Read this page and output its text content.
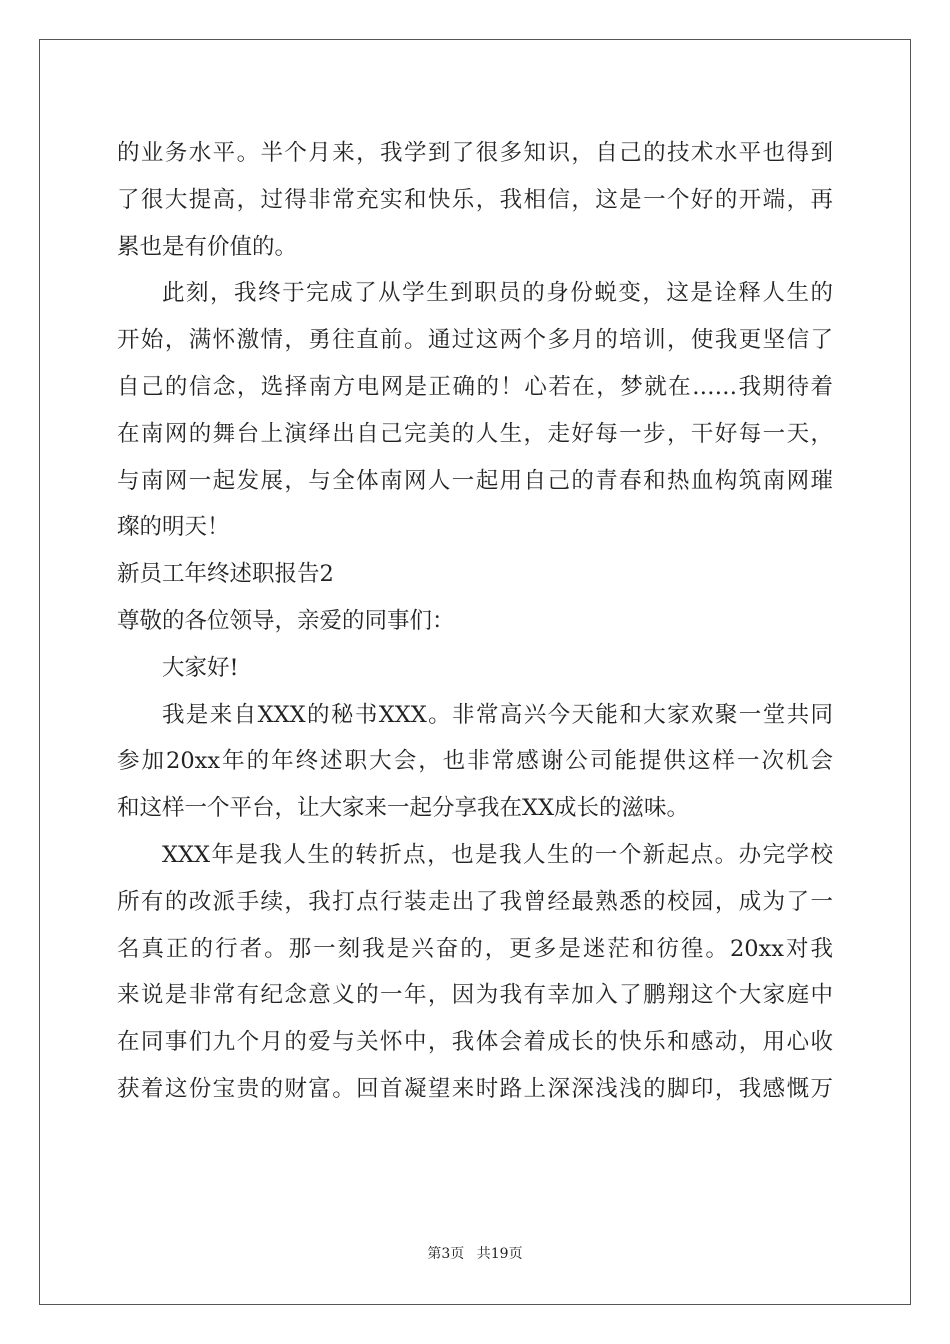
的业务水平。半个月来，我学到了很多知识，自己的技术水平也得到
了很大提高，过得非常充实和快乐，我相信，这是一个好的开端，再
累也是有价值的。
此刻，我终于完成了从学生到职员的身份蜕变，这是诠释人生的
开始，满怀激情，勇往直前。通过这两个多月的培训，使我更坚信了
自己的信念，选择南方电网是正确的！心若在，梦就在……我期待着
在南网的舞台上演绎出自己完美的人生，走好每一步，干好每一天，
与南网一起发展，与全体南网人一起用自己的青春和热血构筑南网璀
璨的明天！
新员工年终述职报告2
尊敬的各位领导，亲爱的同事们：
大家好!
我是来自XXX的秘书XXX。非常高兴今天能和大家欢聚一堂共同
参加20xx年的年终述职大会，也非常感谢公司能提供这样一次机会
和这样一个平台，让大家来一起分享我在XX成长的滋味。
XXX年是我人生的转折点，也是我人生的一个新起点。办完学校
所有的改派手续，我打点行装走出了我曾经最熟悉的校园，成为了一
名真正的行者。那一刻我是兴奋的，更多是迷茫和彷徨。20xx对我
来说是非常有纪念意义的一年，因为我有幸加入了鹏翔这个大家庭中
在同事们九个月的爱与关怀中，我体会着成长的快乐和感动，用心收
获着这份宝贵的财富。回首凝望来时路上深深浅浅的脚印，我感慨万
第3页 共19页
